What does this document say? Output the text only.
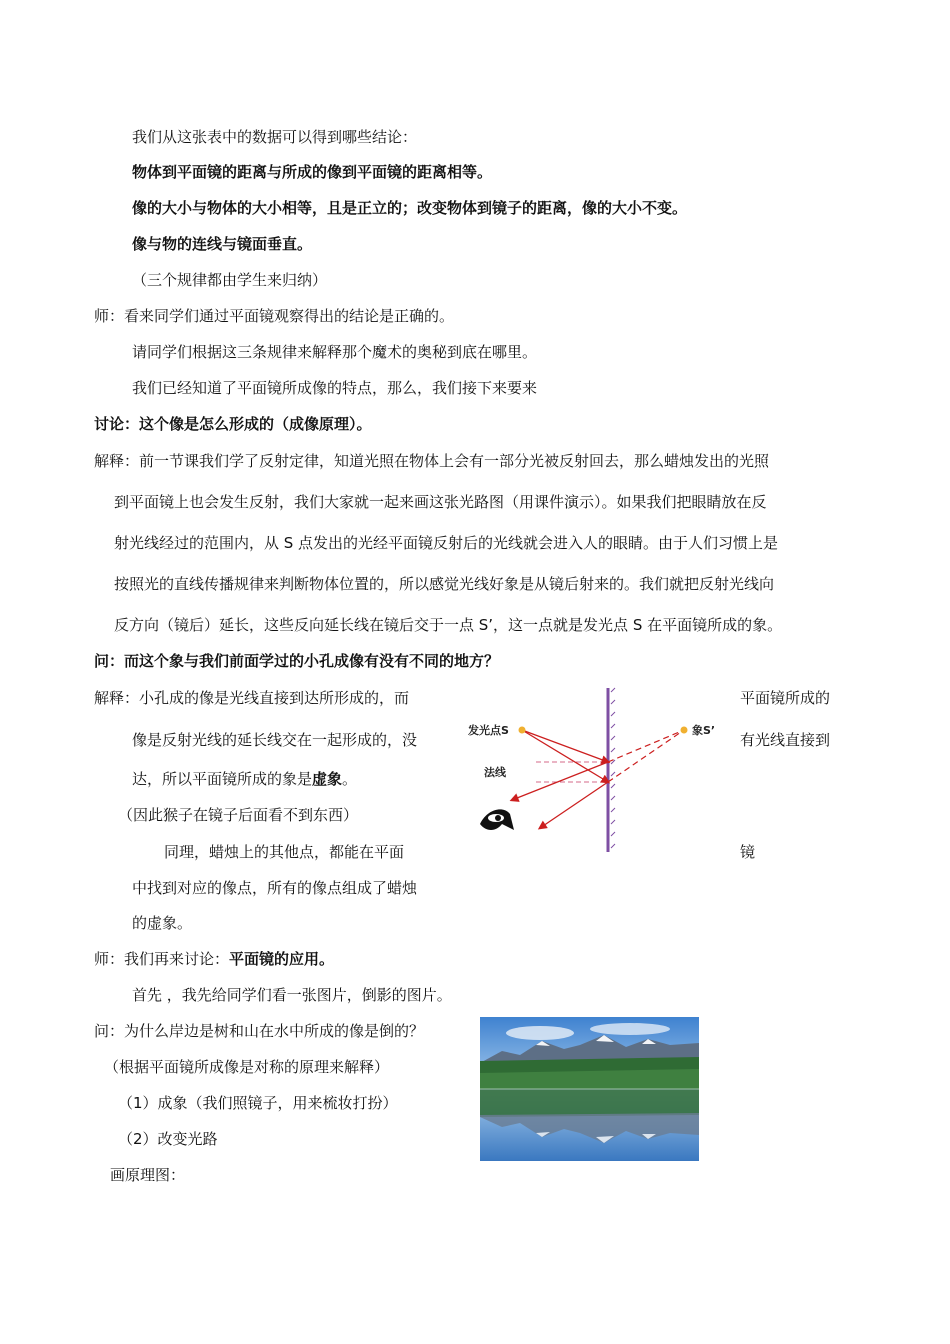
我们从这张表中的数据可以得到哪些结论：
物体到平面镜的距离与所成的像到平面镜的距离相等。
像的大小与物体的大小相等，且是正立的；改变物体到镜子的距离，像的大小不变。
像与物的连线与镜面垂直。
（三个规律都由学生来归纳）
师：看来同学们通过平面镜观察得出的结论是正确的。
请同学们根据这三条规律来解释那个魔术的奥秘到底在哪里。
我们已经知道了平面镜所成像的特点，那么，我们接下来要来
讨论：这个像是怎么形成的（成像原理）。
解释：前一节课我们学了反射定律，知道光照在物体上会有一部分光被反射回去，那么蜡烛发出的光照
到平面镜上也会发生反射，我们大家就一起来画这张光路图（用课件演示）。如果我们把眼睛放在反
射光线经过的范围内，从 S 点发出的光经平面镜反射后的光线就会进入人的眼睛。由于人们习惯上是
按照光的直线传播规律来判断物体位置的，所以感觉光线好象是从镜后射来的。我们就把反射光线向
反方向（镜后）延长，这些反向延长线在镜后交于一点 S’，这一点就是发光点 S 在平面镜所成的象。
问：而这个象与我们前面学过的小孔成像有没有不同的地方？
解释：小孔成的像是光线直接到达所形成的，而	平面镜所成的
像是反射光线的延长线交在一起形成的，没	有光线直接到
达，所以平面镜所成的象是虚象。
（因此猴子在镜子后面看不到东西）
同理，蜡烛上的其他点，都能在平面	镜
中找到对应的像点，所有的像点组成了蜡烛
的虚象。
师：我们再来讨论：平面镜的应用。
首先 ，我先给同学们看一张图片，倒影的图片。
问：为什么岸边是树和山在水中所成的像是倒的？
（根据平面镜所成像是对称的原理来解释）
（1）成象（我们照镜子，用来梳妆打扮）
（2）改变光路
画原理图：
发光点S	象S’
法线
